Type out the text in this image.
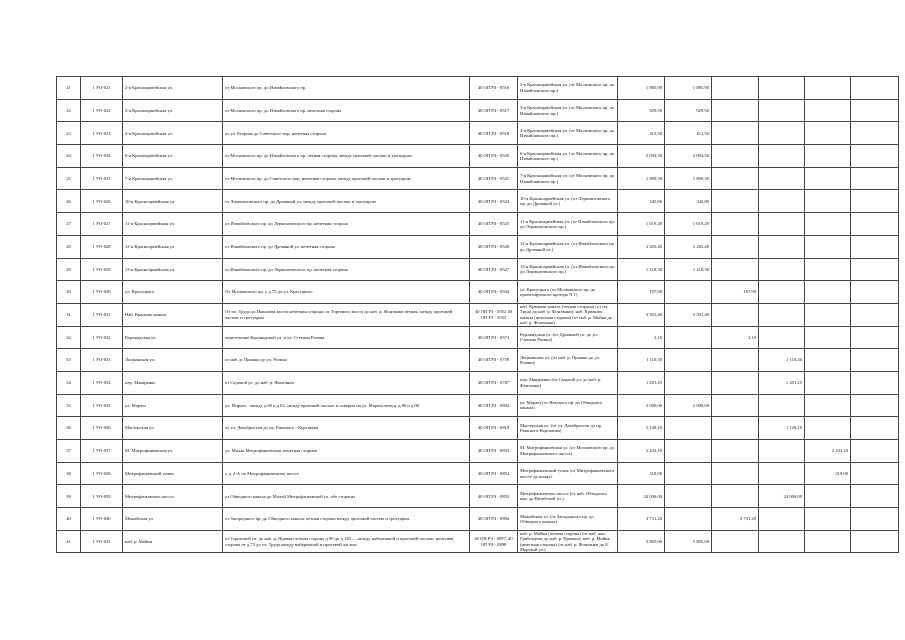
21	1 УО-021	2-я Красноармейская ул.	от Московского пр. до Измайловского пр.	40 ОП РЗ - 0516	2-я Красноармейская ул. (от Московского пр. до Измайловского пр.)	1 885,90	1 885,90				
22	1 УО-022	3-я Красноармейская ул.	от Московского пр. до Измайловского пр. нечетная сторона	40 ОП РЗ - 0517	3-я Красноармейская ул. (от Московского пр. до Измайловского пр.)	929,50	929,50				
23	1 УО-023	4-я Красноармейская ул.	от ул. Егорова до Советского пер. нечетная сторона	40 ОП РЗ - 0518	4-я Красноармейская ул. (от Московского пр. до Измайловского пр.)	413,50	413,50				
24	1 УО-024	6-я Красноармейская ул.	от Московского пр. до Измайловского пр. четная сторона, между проезжей частью и тротуаром	40 ОП РЗ - 0520	6-я Красноармейская ул. (от Московского пр. до Измайловского пр.)	2 094,50	2 094,50				
25	1 УО-025	7-я Красноармейская ул.	от Московского пр. до Советского пер. нечетная сторона, между проезжей частью и тротуаром	40 ОП РЗ - 0521	7-я Красноармейская ул. (от Московского пр. до Измайловского пр.)	1 809,30	1 809,30				
26	1 УО-026	10-я Красноармейская ул.	от Лермонтовского пр. до Дровяной ул. между проезжей частью и тротуаром	40 ОП РЗ - 0524	10-я Красноармейская ул. (от Лермонтовского пр. до Дровяной ул.)	345,80	345,80				
27	1 УО-027	11-я Красноармейская ул.	от Измайловского пр. до Лермонтовского пр. нечетная сторона	40 ОП РЗ - 0525	11-я Красноармейская ул. (от Измайловского пр. до Лермонтовского пр.)	1 619,20	1 619,20				
28	1 УО-028	12-я Красноармейская ул.	от Измайловского пр. до Дровяной ул. нечетная сторона	40 ОП РЗ - 0526	12-я Красноармейская ул. (от Измайловского пр. до Дровяной ул.)	2 265,40	2 265,40				
29	1 УО-029	13-я Красноармейская ул.	от Измайловского пр. до Лермонтовского пр. нечетная сторона	40 ОП РЗ - 0527	13-я Красноармейская ул. (от Измайловского пр. до Лермонтовского пр.)	1 218,30	1 218,30				
30	1 УО-030	ул. Красуцкого	От Московского пр. у д.75 до ул. Красуцкого	40 ОП РЗ - 0544	ул. Красуцкого (от Московского пр. до проектируемого проезда N 1)	107,90		107,90			
31	1 УО-031	Наб. Крюкова канала	От пл. Труда до Пикалова моста нечетная сторона; от Торгового моста до наб. р. Фонтанки четная, между проезжей частью и тротуаром	40 ОП РЗ - 0552 40 ОП РЗ - 0553	наб. Крюкова канала (четная сторона) (от пл. Труда до наб. р. Фонтанки); наб. Крюкова канала (нечетная сторона) (от наб. р. Мойки до наб. р. Фонтанки)	3 501,40	3 501,40				
32	1 УО-032	Курляндская ул.	пересечение Курляндской ул. и ул. Степана Разина	40 ОП РЗ - 0574	Курляндская ул. (от Дровяной ул. до ул. Степана Разина)	2,10		2,10			
33	1 УО-033	Лоцманская ул.	от наб. р. Пряжки до ул. Розина	40 ОП РЗ - 0759	Лоцманская ул. (от наб. р. Пряжки до ул. Розина)	1 110,30			1 110,30		
34	1 УО-034	пер. Макаренко	от Садовой ул. до наб. р. Фонтанки	40 ОП РЗ - 0787	пер. Макаренко (от Садовой ул. до наб. р. Фонтанки)	1 201,25			1 201,25		
35	1 УО-035	ул. Марата	ул. Марата - между д.80 и д.82, между проезжей частью и сквером на ул. Марата между д.86 и д.90	40 ОП РЗ - 0802	ул. Марата (от Невского пр. до Обводного канала)	2 000,00	2 000,00				
36	1 УО-036	Мастерская ул.	от ул. Декабристов до пр. Римского - Корсакова	40 ОП РЗ - 0819	Мастерская ул. (от ул. Декабристов до пр. Римского-Корсакова)	1 128,10			1 128,10		
37	1 УО-037	М. Митрофаньевская ул.	ул. Малая Митрофаньевская, нечетная сторона	40 ОП РЗ - 0853	М. Митрофаньевская ул. (от Московского пр. до Митрофаньевского шоссе)	2 242,10				2 242,10	
38	1 УО-038	Митрофаньевский тупик	у д. 4-А по Митрофаньевскому шоссе	40 ОП РЗ - 0854	Митрофаньевский тупик (от Митрофаньевского шоссе до конца)	318,90				318,90	
39	1 УО-039	Митрофаньевское шоссе	от Обводного канала до Малой Митрофаньевской ул. обе стороны	40 ОП РЗ - 0855	Митрофаньевское шоссе (от наб. Обводного кан. до Витебской ул.)	24 006,00			24 006,00		
40	1 УО-040	Можайская ул.	от Загородного пр. до Обводного канала, четная сторона между проезжей частью и тротуаром	40 ОП РЗ - 0894	Можайская ул. (от Загородного пр. до Обводного канала)	3 731,20		3 731,20			
41	1 УО-041	наб. р. Мойки	от Гороховой ул. до наб. р. Пряжки четная сторона д.90 до д.126 — между набережной и проезжей частью, нечетная сторона от д.73 до ул. Труда между набережной и проезжей частью	40 ОП РЗ - 0897, 40 ОП РЗ - 0898	наб. р. Мойки (четная сторона) (от наб. кан. Грибоедова до наб. р. Пряжки); наб. р. Мойки (нечетная сторона) (от наб. р. Фонтанки до Б. Морской ул.)	5 805,00	5 805,00				
